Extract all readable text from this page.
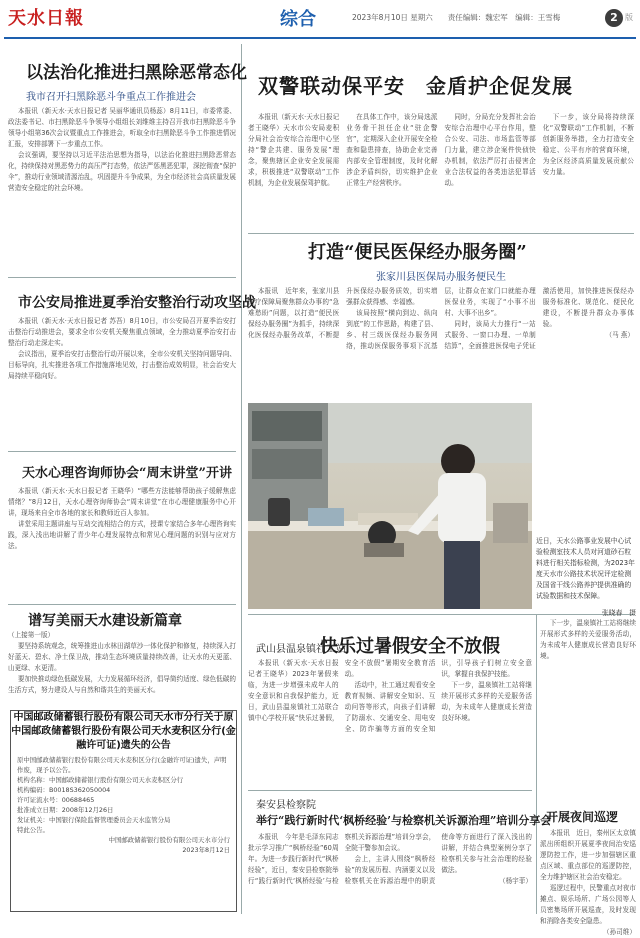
天水日報	综合	2023年8月10日 星期六　　责任编辑：魏宏军　编辑：王雪梅	2 版
以法治化推进扫黑除恶常态化
我市召开扫黑除恶斗争重点工作推进会

本报讯（新天水·天水日报记者 吴丽华通讯员杨蕊）8月11日，市委常委、政法委书记、市扫黑除恶斗争领导小组组长刘维维主持召开我市扫黑除恶斗争领导小组第36次会议暨重点工作推进会，听取全市扫黑除恶斗争工作推进情况汇报，安排部署下一步重点工作。

会议强调，要坚持以习近平法治思想为指导，以法治化推进扫黑除恶常态化，持续保持对黑恶势力的高压严打态势，依法严惩黑恶犯罪，深挖彻查“保护伞”，推动行业领域清源治乱，巩固提升斗争成果，为全市经济社会高质量发展营造安全稳定的社会环境。

市公安局推进夏季治安整治行动攻坚战

本报讯（新天水·天水日报记者 苏吾）8月10日，市公安局召开夏季治安打击整治行动推进会，要求全市公安机关聚焦重点领域，全力推动夏季治安打击整治行动走深走实。

会议指出，夏季治安打击整治行动开展以来，全市公安机关坚持问题导向、目标导向，扎实推进各项工作措施落地见效，打击整治成效明显，社会治安大局持续平稳向好。

天水心理咨询师协会“周末讲堂”开讲

本报讯（新天水·天水日报记者 王晓华）“哪些方法能够帮助孩子缓解焦虑情绪？”8月12日，天水心理咨询师协会“周末讲堂”在市心理健康服务中心开讲，现场来自全市各地的家长和教师近百人参加。

讲堂采用主题讲座与互动交流相结合的方式，授课专家结合多年心理咨询实践，深入浅出地讲解了青少年心理发展特点和常见心理问题的识别与应对方法。

谱写美丽天水建设新篇章
（上接第一版）

要坚持系统观念，统筹推进山水林田湖草沙一体化保护和修复，持续深入打好蓝天、碧水、净土保卫战，推动生态环境质量持续改善，让天水的天更蓝、山更绿、水更清。

要加快推动绿色低碳发展，大力发展循环经济，倡导简约适度、绿色低碳的生活方式，努力建设人与自然和谐共生的美丽天水。

中国邮政储蓄银行股份有限公司天水市分行关于原中国邮政储蓄银行股份有限公司天水麦积区分行(金融许可证)遗失的公告
原中国邮政储蓄银行股份有限公司天水麦积区分行(金融许可证)遗失，声明作废，现予以公告。
机构名称：中国邮政储蓄银行股份有限公司天水麦积区分行
机构编码：B0018S362050004
许可证流水号：00688465
批准成立日期：2008年12月26日
发证机关：中国银行保险监督管理委员会天水监管分局
特此公告。
中国邮政储蓄银行股份有限公司天水市分行
2023年8月12日
双警联动保平安　金盾护企促发展

本报讯（新天水·天水日报记者王晓华）天水市公安局麦积分局社会治安综合治理中心坚持“警企共建、服务发展”理念，聚焦辖区企业安全发展需求，积极推进“双警联动”工作机制，为企业发展保驾护航。

在具体工作中，该分局选派业务骨干担任企业“驻企警官”，定期深入企业开展安全检查和隐患排查，协助企业完善内部安全管理制度，及时化解涉企矛盾纠纷，切实维护企业正常生产经营秩序。

同时，分局充分发挥社会治安综合治理中心平台作用，整合公安、司法、市场监管等部门力量，建立涉企案件快侦快办机制，依法严厉打击侵害企业合法权益的各类违法犯罪活动。

下一步，该分局将持续深化“双警联动”工作机制，不断创新服务举措，全力打造安全稳定、公平有序的营商环境，为全区经济高质量发展贡献公安力量。

打造“便民医保经办服务圈”
张家川县医保局办服务便民生

本报讯　近年来，张家川县医疗保障局聚焦群众办事的“急难愁盼”问题，以打造“便民医保经办服务圈”为抓手，持续深化医保经办服务改革，不断提升医保经办服务质效，切实增强群众获得感、幸福感。

该局按照“横向到边、纵向到底”的工作思路，构建了县、乡、村三级医保经办服务网络，推动医保服务事项下沉基层，让群众在家门口就能办理医保业务，实现了“小事不出村、大事不出乡”。

同时，该局大力推行“一站式服务、一窗口办理、一单制结算”，全面推进医保电子凭证激活使用，加快推进医保经办服务标准化、规范化、便民化建设，不断提升群众办事体验。

（马 燕）
近日，天水公路事业发展中心试验检测室技术人员对河道砂石粒料进行相关指标检测，为2023年度天水市公路技术状况评定检测及国省干线公路养护提供准确的试验数据和技术保障。
张晓春　摄
武山县温泉镇社工站
快乐过暑假安全不放假

本报讯（新天水·天水日报记者王晓华）2023年暑假来临，为进一步增强未成年人的安全意识和自我保护能力，近日，武山县温泉镇社工站联合镇中心学校开展“快乐过暑假，安全不放假”暑期安全教育活动。

活动中，社工通过观看安全教育视频、讲解安全知识、互动问答等形式，向孩子们讲解了防溺水、交通安全、用电安全、防诈骗等方面的安全知识，引导孩子们树立安全意识，掌握自我保护技能。

下一步，温泉镇社工站将继续开展形式多样的关爱服务活动，为未成年人健康成长营造良好环境。

秦安县检察院
举行“践行新时代‘枫桥经验’与检察机关诉源治理”培训分享会

本报讯　今年是毛泽东同志批示学习推广“枫桥经验”60周年。为进一步践行新时代“枫桥经验”，近日，秦安县检察院举行“践行新时代‘枫桥经验’与检察机关诉源治理”培训分享会，全院干警参加会议。

会上，主讲人围绕“枫桥经验”的发展历程、内涵要义以及检察机关在诉源治理中的职责使命等方面进行了深入浅出的讲解，并结合典型案例分享了检察机关参与社会治理的经验做法。

（杨宇菲）

下一步，温泉镇社工站将继续开展形式多样的关爱服务活动，为未成年人健康成长营造良好环境。

开展夜间巡逻

本报讯　近日，秦州区太京镇派出所组织开展夏季夜间治安巡逻防控工作，进一步加强辖区重点区域、重点部位的巡逻防控，全力维护辖区社会治安稳定。

巡逻过程中，民警重点对夜市摊点、娱乐场所、广场公园等人员密集场所开展巡查，及时发现和消除各类安全隐患。

（孙司维）
